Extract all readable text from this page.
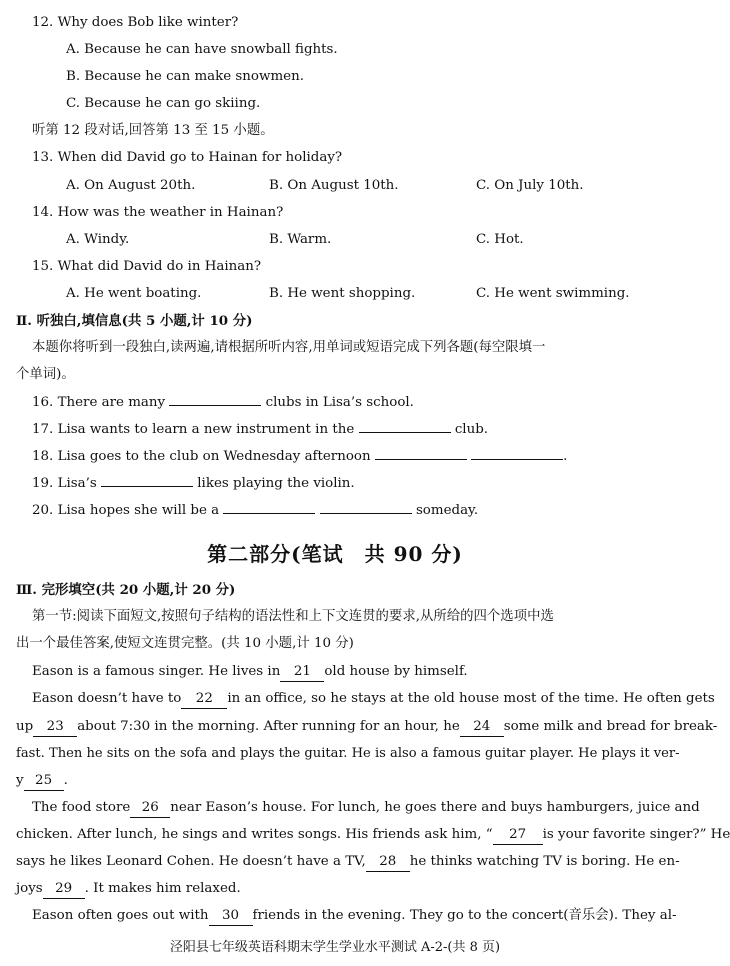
12. Why does Bob like winter?
A. Because he can have snowball fights.
B. Because he can make snowmen.
C. Because he can go skiing.
听第 12 段对话,回答第 13 至 15 小题。
13. When did David go to Hainan for holiday?
A. On August 20th.	B. On August 10th.	C. On July 10th.
14. How was the weather in Hainan?
A. Windy.	B. Warm.	C. Hot.
15. What did David do in Hainan?
A. He went boating.	B. He went shopping.	C. He went swimming.
Ⅱ. 听独白,填信息(共 5 小题,计 10 分)
本题你将听到一段独白,读两遍,请根据所听内容,用单词或短语完成下列各题(每空限填一
个单词)。
16. There are many	clubs in Lisa’s school.
17. Lisa wants to learn a new instrument in the	club.
18. Lisa goes to the club on Wednesday afternoon	.
19. Lisa’s	likes playing the violin.
20. Lisa hopes she will be a	someday.
第二部分(笔试　共 90 分)
Ⅲ. 完形填空(共 20 小题,计 20 分)
第一节:阅读下面短文,按照句子结构的语法性和上下文连贯的要求,从所给的四个选项中选
出一个最佳答案,使短文连贯完整。(共 10 小题,计 10 分)
Eason is a famous singer. He lives in 21 old house by himself.
Eason doesn’t have to 22 in an office, so he stays at the old house most of the time. He often gets
up 23 about 7:30 in the morning. After running for an hour, he 24 some milk and bread for break-
fast. Then he sits on the sofa and plays the guitar. He is also a famous guitar player. He plays it ver-
y 25 .
The food store 26 near Eason’s house. For lunch, he goes there and buys hamburgers, juice and
chicken. After lunch, he sings and writes songs. His friends ask him, “ 27 is your favorite singer?” He
says he likes Leonard Cohen. He doesn’t have a TV, 28 he thinks watching TV is boring. He en-
joys 29 . It makes him relaxed.
Eason often goes out with 30 friends in the evening. They go to the concert(音乐会). They al-
泾阳县七年级英语科期末学生学业水平测试 A-2-(共 8 页)
